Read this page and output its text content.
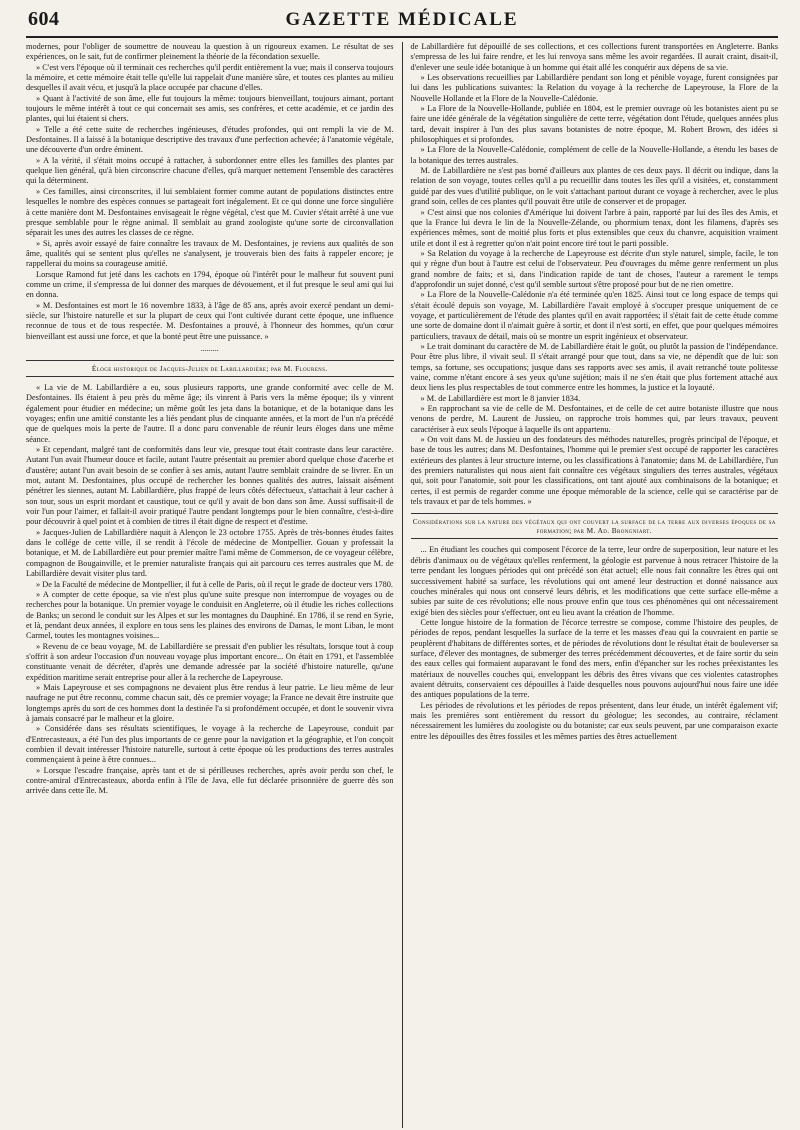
604	GAZETTE MÉDICALE

modernes, pour l'obliger de soumettre de nouveau la question à un rigoureux examen. Le résultat de ses expériences, on le sait, fut de confirmer pleinement la théorie de la fécondation sexuelle.

» C'est vers l'époque où il terminait ces recherches qu'il perdit entièrement la vue; mais il conserva toujours la mémoire, et cette mémoire était telle qu'elle lui rappelait d'une manière sûre, et toutes ces plantes au milieu desquelles il avait vécu, et jusqu'à la place occupée par chacune d'elles.

» Quant à l'activité de son âme, elle fut toujours la même: toujours bienveillant, toujours aimant, portant toujours le même intérêt à tout ce qui concernait ses amis, ses confrères, et cette académie, et ce jardin des plantes, qui lui étaient si chers.

» Telle a été cette suite de recherches ingénieuses, d'études profondes, qui ont rempli la vie de M. Desfontaines. Il a laissé à la botanique descriptive des travaux d'une perfection achevée; à l'anatomie végétale, une découverte d'un ordre éminent.

» A la vérité, il s'était moins occupé à rattacher, à subordonner entre elles les familles des plantes par quelque lien général, qu'à bien circonscrire chacune d'elles, qu'à marquer nettement l'ensemble des caractères qui la déterminent.

» Ces familles, ainsi circonscrites, il lui semblaient former comme autant de populations distinctes entre lesquelles le nombre des espèces connues se partageait fort inégalement. Et ce qui donne une force singulière à cette manière dont M. Desfontaines envisageait le règne végétal, c'est que M. Cuvier s'était arrêté à une vue presque semblable pour le règne animal. Il semblait au grand zoologiste qu'une sorte de circonvallation séparait les unes des autres les classes de ce règne.

» Si, après avoir essayé de faire connaître les travaux de M. Desfontaines, je reviens aux qualités de son âme, qualités qui se sentent plus qu'elles ne s'analysent, je trouverais bien des faits à rappeler encore; je rappellerai du moins sa courageuse amitié.

Lorsque Ramond fut jeté dans les cachots en 1794, époque où l'intérêt pour le malheur fut souvent puni comme un crime, il s'empressa de lui donner des marques de dévouement, et il fut presque le seul ami qui lui en donna.

» M. Desfontaines est mort le 16 novembre 1833, à l'âge de 85 ans, après avoir exercé pendant un demi-siècle, sur l'histoire naturelle et sur la plupart de ceux qui l'ont cultivée durant cette époque, une influence reconnue de tous et de tous respectée. M. Desfontaines a prouvé, à l'honneur des hommes, qu'un cœur bienveillant est aussi une force, et que la bonté peut être une puissance. »

.........
Éloge historique de Jacques-Julien de Labillardière; par M. Flourens.

« La vie de M. Labillardière a eu, sous plusieurs rapports, une grande conformité avec celle de M. Desfontaines. Ils étaient à peu près du même âge; ils vinrent à Paris vers la même époque; ils y vinrent également pour étudier en médecine; un même goût les jeta dans la botanique, et de la botanique dans les voyages; enfin une amitié constante les a liés pendant plus de cinquante années, et la mort de l'un n'a précédé que de quelques mois la perte de l'autre. Il a donc paru convenable de réunir leurs éloges dans une même séance.

» Et cependant, malgré tant de conformités dans leur vie, presque tout était contraste dans leur caractère. Autant l'un avait l'humeur douce et facile, autant l'autre présentait au premier abord quelque chose d'acerbe et d'austère; autant l'un avait besoin de se confier à ses amis, autant l'autre semblait craindre de se livrer. En un mot, autant M. Desfontaines, plus occupé de rechercher les bonnes qualités des autres, laissait aisément pénétrer les siennes, autant M. Labillardière, plus frappé de leurs côtés défectueux, s'attachait à leur cacher à son tour, sous un esprit mordant et caustique, tout ce qu'il y avait de bon dans son âme. Aussi suffisait-il de voir l'un pour l'aimer, et fallait-il avoir pratiqué l'autre pendant longtemps pour le bien connaître, c'est-à-dire pour découvrir à quel point et à combien de titres il était digne de respect et d'estime.

» Jacques-Julien de Labillardière naquit à Alençon le 23 octobre 1755. Après de très-bonnes études faites dans le collége de cette ville, il se rendit à l'école de médecine de Montpellier. Gouan y professait la botanique, et M. de Labillardière eut pour premier maître l'ami même de Commerson, de ce voyageur célèbre, compagnon de Bougainville, et le premier naturaliste français qui ait parcouru ces terres australes que M. de Labillardière devait visiter plus tard.

» De la Faculté de médecine de Montpellier, il fut à celle de Paris, où il reçut le grade de docteur vers 1780.

» A compter de cette époque, sa vie n'est plus qu'une suite presque non interrompue de voyages ou de recherches pour la botanique. Un premier voyage le conduisit en Angleterre, où il étudie les riches collections de Banks; un second le conduit sur les Alpes et sur les montagnes du Dauphiné. En 1786, il se rend en Syrie, et là, pendant deux années, il explore en tous sens les plaines des environs de Damas, le mont Liban, le mont Carmel, toutes les montagnes voisines...

» Revenu de ce beau voyage, M. de Labillardière se pressait d'en publier les résultats, lorsque tout à coup s'offrit à son ardeur l'occasion d'un nouveau voyage plus important encore... On était en 1791, et l'assemblée constituante venait de décréter, d'après une demande adressée par la société d'histoire naturelle, qu'une expédition maritime serait entreprise pour aller à la recherche de Lapeyrouse.

» Mais Lapeyrouse et ses compagnons ne devaient plus être rendus à leur patrie. Le lieu même de leur naufrage ne put être reconnu, comme chacun sait, dès ce premier voyage; la France ne devait être instruite que longtemps après du sort de ces hommes dont la destinée l'a si profondément occupée, et dont le souvenir vivra à jamais consacré par le malheur et la gloire.

» Considérée dans ses résultats scientifiques, le voyage à la recherche de Lapeyrouse, conduit par d'Entrecasteaux, a été l'un des plus importants de ce genre pour la navigation et la géographie, et l'on conçoit combien il devait intéresser l'histoire naturelle, surtout à cette époque où les productions des terres australes commençaient à peine à être connues...

» Lorsque l'escadre française, après tant et de si périlleuses recherches, après avoir perdu son chef, le contre-amiral d'Entrecasteaux, aborda enfin à l'île de Java, elle fut déclarée prisonnière de guerre dès son arrivée dans cette île. M.

de Labillardière fut dépouillé de ses collections, et ces collections furent transportées en Angleterre. Banks s'empressa de les lui faire rendre, et les lui renvoya sans même les avoir regardées. Il aurait craint, disait-il, d'enlever une seule idée botanique à un homme qui était allé les conquérir aux dépens de sa vie.

» Les observations recueillies par Labillardière pendant son long et pénible voyage, furent consignées par lui dans les publications suivantes: la Relation du voyage à la recherche de Lapeyrouse, la Flore de la Nouvelle Hollande et la Flore de la Nouvelle-Calédonie.

» La Flore de la Nouvelle-Hollande, publiée en 1804, est le premier ouvrage où les botanistes aient pu se faire une idée générale de la végétation singulière de cette terre, végétation dont l'étude, quelques années plus tard, devait inspirer à l'un des plus savans botanistes de notre époque, M. Robert Brown, des idées si philosophiques et si profondes.

» La Flore de la Nouvelle-Calédonie, complément de celle de la Nouvelle-Hollande, a étendu les bases de la botanique des terres australes.

M. de Labillardière ne s'est pas borné d'ailleurs aux plantes de ces deux pays. Il décrit ou indique, dans la relation de son voyage, toutes celles qu'il a pu recueillir dans toutes les îles qu'il a visitées, et, constamment guidé par des vues d'utilité publique, on le voit s'attachant partout durant ce voyage à rechercher, avec le plus grand soin, celles de ces plantes qu'il pouvait être utile de conserver et de propager.

» C'est ainsi que nos colonies d'Amérique lui doivent l'arbre à pain, rapporté par lui des îles des Amis, et que la France lui devra le lin de la Nouvelle-Zélande, ou phormium tenax, dont les filamens, d'après ses expériences mêmes, sont de moitié plus forts et plus extensibles que ceux du chanvre, acquisition vraiment utile et dont il est à regretter qu'on n'ait point encore tiré tout le parti possible.

» Sa Relation du voyage à la recherche de Lapeyrouse est décrite d'un style naturel, simple, facile, le ton qui y règne d'un bout à l'autre est celui de l'observateur. Peu d'ouvrages du même genre renferment un plus grand nombre de faits; et si, dans l'indication rapide de tant de choses, l'auteur a rarement le temps d'approfondir un sujet donné, c'est qu'il semble surtout s'être proposé pour but de ne rien omettre.

» La Flore de la Nouvelle-Calédonie n'a été terminée qu'en 1825. Ainsi tout ce long espace de temps qui s'était écoulé depuis son voyage, M. Labillardière l'avait employé à s'occuper presque uniquement de ce voyage, et particulièrement de l'étude des plantes qu'il en avait rapportées; il s'était fait de cette étude comme une sorte de domaine dont il n'aimait guère à sortir, et dont il n'est sorti, en effet, que pour quelques mémoires particuliers, travaux de détail, mais où se montre un esprit ingénieux et observateur.

» Le trait dominant du caractère de M. de Labillardière était le goût, ou plutôt la passion de l'indépendance. Pour être plus libre, il vivait seul. Il s'était arrangé pour que tout, dans sa vie, ne dépendît que de lui: son temps, sa fortune, ses occupations; jusque dans ses rapports avec ses amis, il avait retranché toute politesse vaine, comme n'étant encore à ses yeux qu'une sujétion; mais il ne s'en était que plus fortement attaché aux deux liens les plus respectables de tout commerce entre les hommes, la justice et la loyauté.

» M. de Labillardière est mort le 8 janvier 1834.

» En rapprochant sa vie de celle de M. Desfontaines, et de celle de cet autre botaniste illustre que nous venons de perdre, M. Laurent de Jussieu, on rapproche trois hommes qui, par leurs travaux, peuvent caractériser à eux seuls l'époque à laquelle ils ont appartenu.

» On voit dans M. de Jussieu un des fondateurs des méthodes naturelles, progrès principal de l'époque, et base de tous les autres; dans M. Desfontaines, l'homme qui le premier s'est occupé de rapporter les caractères extérieurs des plantes à leur structure interne, ou les classifications à l'anatomie; dans M. de Labillardière, l'un des premiers naturalistes qui nous aient fait connaître ces végétaux singuliers des terres australes, végétaux qui, soit pour l'anatomie, soit pour les classifications, ont tant ajouté aux combinaisons de la botanique; et certes, il est permis de regarder comme une époque mémorable de la science, celle qui se caractérise par de tels travaux et par de tels hommes. »

Considérations sur la nature des végétaux qui ont couvert la surface de la terre aux diverses époques de sa formation; par M. Ad. Brongniart.

... En étudiant les couches qui composent l'écorce de la terre, leur ordre de superposition, leur nature et les débris d'animaux ou de végétaux qu'elles renferment, la géologie est parvenue à nous retracer l'histoire de la terre pendant les longues périodes qui ont précédé son état actuel; elle nous fait connaître les êtres qui ont successivement habité sa surface, les révolutions qui ont amené leur destruction et donné naissance aux couches minérales qui nous ont conservé leurs débris, et les modifications que cette surface elle-même a subies par suite de ces révolutions; elle nous prouve enfin que tous ces phénomènes qui ont nécessairement exigé bien des siècles pour s'effectuer, ont eu lieu avant la création de l'homme.

Cette longue histoire de la formation de l'écorce terrestre se compose, comme l'histoire des peuples, de périodes de repos, pendant lesquelles la surface de la terre et les masses d'eau qui la couvraient en partie se peuplèrent d'habitans de différentes sortes, et de périodes de révolutions dont le résultat était de bouleverser sa surface, d'élever des montagnes, de submerger des terres précédemment découvertes, et de faire sortir du sein des eaux celles qui formaient auparavant le fond des mers, enfin d'épancher sur les roches préexistantes les matériaux de nouvelles couches qui, enveloppant les débris des êtres vivans que ces violentes catastrophes avaient détruits, conservaient ces dépouilles à l'aide desquelles nous pouvons aujourd'hui nous faire une idée des antiques populations de la terre.

Les périodes de révolutions et les périodes de repos présentent, dans leur étude, un intérêt également vif; mais les premières sont entièrement du ressort du géologue; les secondes, au contraire, réclament nécessairement les lumières du zoologiste ou du botaniste; car eux seuls peuvent, par une comparaison exacte entre les dépouilles des êtres fossiles et les mêmes parties des êtres actuellement
